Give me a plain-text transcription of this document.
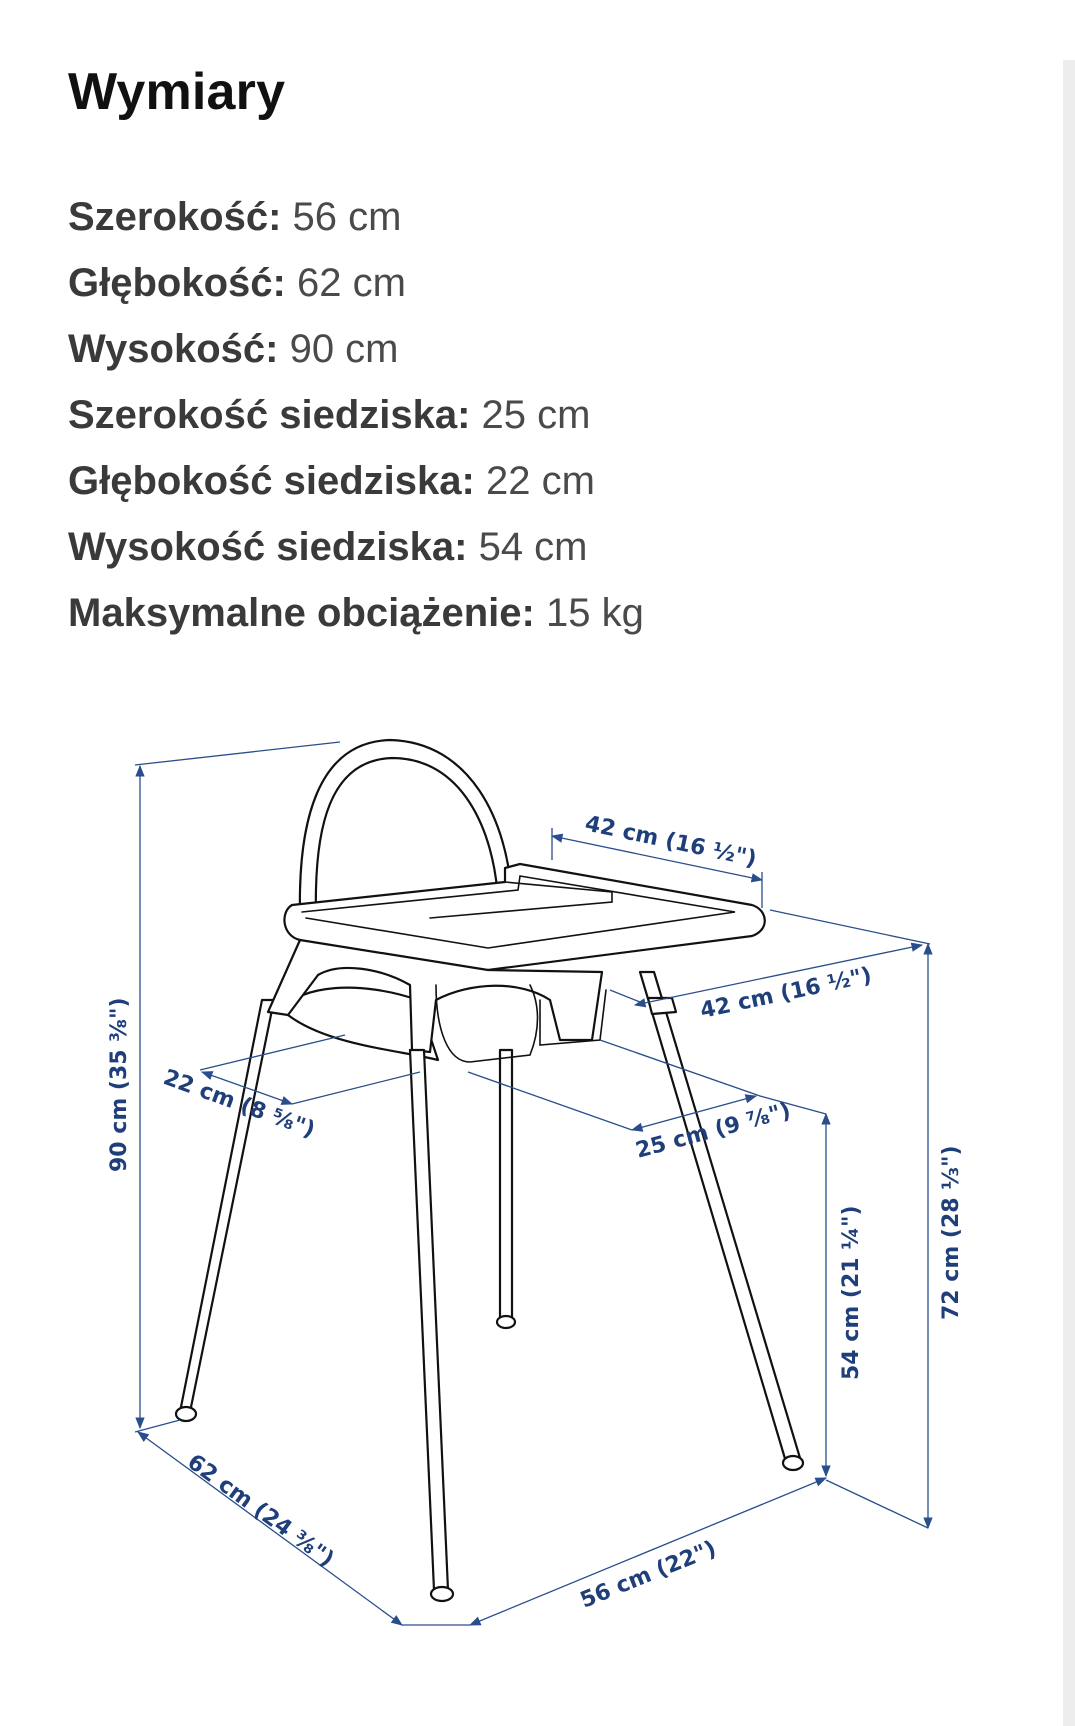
Wymiary
Szerokość: 56 cm
Głębokość: 62 cm
Wysokość: 90 cm
Szerokość siedziska: 25 cm
Głębokość siedziska: 22 cm
Wysokość siedziska: 54 cm
Maksymalne obciążenie: 15 kg
42 cm (16 ½")
42 cm (16 ½")
22 cm (8 ⅝")	25 cm (9 ⅞")
90 cm (35 ⅜")
54 cm (21 ¼")	72 cm (28 ⅓")
62 cm (24 ⅜")
56 cm (22")
